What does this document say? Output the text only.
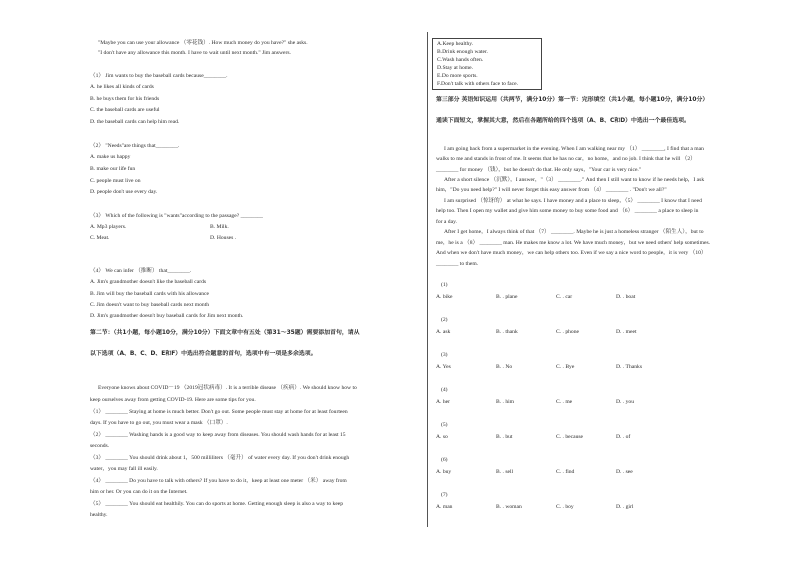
"Maybe you can use your allowance （零花钱）. How much money do you have?" she asks.
"I don't have any allowance this month. I have to wait until next month." Jim answers.
（1） Jim wants to buy the baseball cards because________.
A. he likes all kinds of cards
B. he buys them for his friends
C. the baseball cards are useful
D. the baseball cards can help him read.
（2） "Needs"are things that________.
A. make us happy
B. make our life fun
C. people must live on
D. people don't use every day.
（3） Which of the following is "wants"according to the passage? ________
A. Mp3 players.	B. Milk.
C. Meat.	D. Houses .
（4） We can infer （推断） that________.
A. Jim's grandmother doesn't like the baseball cards
B. Jim will buy the baseball cards with his allowance
C. Jim doesn't want to buy baseball cards next month
D. Jim's grandmother doesn't buy baseball cards for Jim next month.
第二节：（共1小题，每小题10分，满分10分）下面文章中有五处（第31～35题）需要添加首句，请从
以下选项（A、B、C、D、E和F）中选出符合题意的首句，选项中有一项是多余选项。
Everyone knows about COVID－19 （2019冠状病毒）. It is a terrible disease （疾病）. We should know how to
keep ourselves away from getting COVID-19. Here are some tips for you.
（1） ________ Staying at home is much better. Don't go out. Some people must stay at home for at least fourteen
days. If you have to go out, you must wear a mask （口罩）.
（2） ________ Washing hands is a good way to keep away from diseases. You should wash hands for at least 15
seconds.
（3） ________ You should drink about 1，500 milliliters （毫升） of water every day. If you don't drink enough
water，you may fall ill easily.
（4） ________ Do you have to talk with others? If you have to do it，keep at least one meter （米） away from
him or her. Or you can do it on the Internet.
（5） ________ You should eat healthily. You can do sports at home. Getting enough sleep is also a way to keep
healthy.
A.Keep healthy.
B.Drink enough water.
C.Wash hands often.
D.Stay at home.
E.Do more sports.
F.Don't talk with others face to face.
第三部分 英语知识运用（共两节，满分10分）第一节：完形填空（共1小题，每小题10分，满分10分）
通读下面短文，掌握其大意，然后在各题所给的四个选项（A、B、C和D）中选出一个最佳选项。
I am going back from a supermarket in the evening. When I am walking near my （1） ________, I find that a man
walks to me and stands in front of me. It seems that he has no car，no home，and no job. I think that he will （2）
________ for money （钱），but he doesn't do that. He only says，"Your car is very nice."
After a short silence （沉默），I answer，"（3） ________." And then I still want to know if he needs help，I ask
him，"Do you need help?" I will never forget this easy answer from （4） ________ . "Don't we all?"
I am surprised （惊讶的） at what he says. I have money and a place to sleep，（5） ________ I know that I need
help too. Then I open my wallet and give him some money to buy some food and （6） ________ a place to sleep in
for a day.
After I get home，I always think of that （7） ________. Maybe he is just a homeless stranger （陌生人），but to
me，he is a （8） ________ man. He makes me know a lot. We have much money，but we need others' help sometimes.
And when we don't have much money，we can help others too. Even if we say a nice word to people，it is very （10）
________ to them.
(1)
A. bike	B. . plane	C. . car	D. . boat
(2)
A. ask	B. . thank	C. . phone	D. . meet
(3)
A. Yes	B. . No	C. . Bye	D. . Thanks
(4)
A. her	B. . him	C. . me	D. . you
(5)
A. so	B. . but	C. . because	D. . of
(6)
A. buy	B. . sell	C. . find	D. . see
(7)
A. man	B. . woman	C. . boy	D. . girl
